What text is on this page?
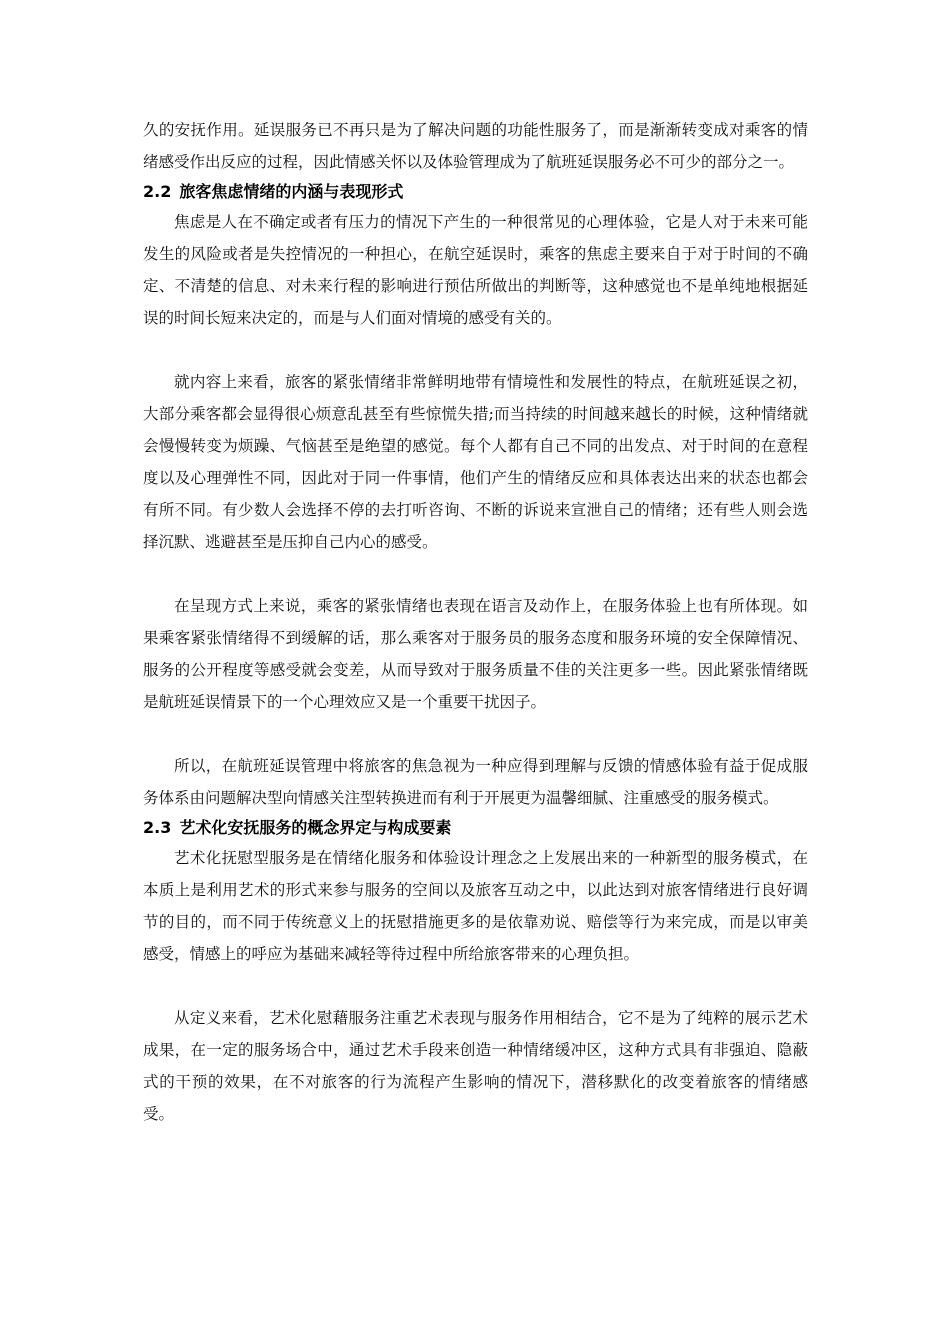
久的安抚作用。延误服务已不再只是为了解决问题的功能性服务了，而是渐渐转变成对乘客的情绪感受作出反应的过程，因此情感关怀以及体验管理成为了航班延误服务必不可少的部分之一。

2.2 旅客焦虑情绪的内涵与表现形式

焦虑是人在不确定或者有压力的情况下产生的一种很常见的心理体验，它是人对于未来可能发生的风险或者是失控情况的一种担心，在航空延误时，乘客的焦虑主要来自于对于时间的不确定、不清楚的信息、对未来行程的影响进行预估所做出的判断等，这种感觉也不是单纯地根据延误的时间长短来决定的，而是与人们面对情境的感受有关的。

就内容上来看，旅客的紧张情绪非常鲜明地带有情境性和发展性的特点，在航班延误之初，大部分乘客都会显得很心烦意乱甚至有些惊慌失措;而当持续的时间越来越长的时候，这种情绪就会慢慢转变为烦躁、气恼甚至是绝望的感觉。每个人都有自己不同的出发点、对于时间的在意程度以及心理弹性不同，因此对于同一件事情，他们产生的情绪反应和具体表达出来的状态也都会有所不同。有少数人会选择不停的去打听咨询、不断的诉说来宣泄自己的情绪；还有些人则会选择沉默、逃避甚至是压抑自己内心的感受。

在呈现方式上来说，乘客的紧张情绪也表现在语言及动作上，在服务体验上也有所体现。如果乘客紧张情绪得不到缓解的话，那么乘客对于服务员的服务态度和服务环境的安全保障情况、服务的公开程度等感受就会变差，从而导致对于服务质量不佳的关注更多一些。因此紧张情绪既是航班延误情景下的一个心理效应又是一个重要干扰因子。

所以，在航班延误管理中将旅客的焦急视为一种应得到理解与反馈的情感体验有益于促成服务体系由问题解决型向情感关注型转换进而有利于开展更为温馨细腻、注重感受的服务模式。

2.3 艺术化安抚服务的概念界定与构成要素

艺术化抚慰型服务是在情绪化服务和体验设计理念之上发展出来的一种新型的服务模式，在本质上是利用艺术的形式来参与服务的空间以及旅客互动之中，以此达到对旅客情绪进行良好调节的目的，而不同于传统意义上的抚慰措施更多的是依靠劝说、赔偿等行为来完成，而是以审美感受，情感上的呼应为基础来减轻等待过程中所给旅客带来的心理负担。

从定义来看，艺术化慰藉服务注重艺术表现与服务作用相结合，它不是为了纯粹的展示艺术成果，在一定的服务场合中，通过艺术手段来创造一种情绪缓冲区，这种方式具有非强迫、隐蔽式的干预的效果，在不对旅客的行为流程产生影响的情况下，潜移默化的改变着旅客的情绪感受。
